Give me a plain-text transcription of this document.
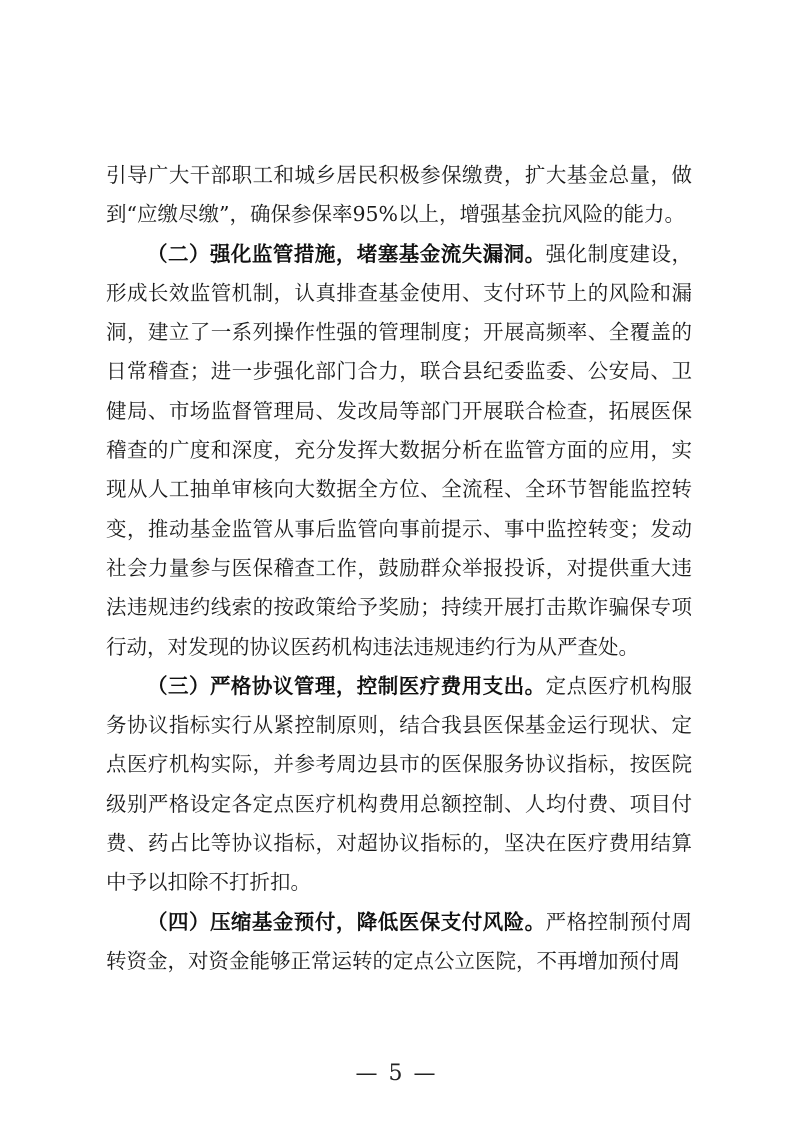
引导广大干部职工和城乡居民积极参保缴费，扩大基金总量，做到“应缴尽缴”，确保参保率95%以上，增强基金抗风险的能力。

（二）强化监管措施，堵塞基金流失漏洞。强化制度建设，形成长效监管机制，认真排查基金使用、支付环节上的风险和漏洞，建立了一系列操作性强的管理制度；开展高频率、全覆盖的日常稽查；进一步强化部门合力，联合县纪委监委、公安局、卫健局、市场监督管理局、发改局等部门开展联合检查，拓展医保稽查的广度和深度，充分发挥大数据分析在监管方面的应用，实现从人工抽单审核向大数据全方位、全流程、全环节智能监控转变，推动基金监管从事后监管向事前提示、事中监控转变；发动社会力量参与医保稽查工作，鼓励群众举报投诉，对提供重大违法违规违约线索的按政策给予奖励；持续开展打击欺诈骗保专项行动，对发现的协议医药机构违法违规违约行为从严查处。

（三）严格协议管理，控制医疗费用支出。定点医疗机构服务协议指标实行从紧控制原则，结合我县医保基金运行现状、定点医疗机构实际，并参考周边县市的医保服务协议指标，按医院级别严格设定各定点医疗机构费用总额控制、人均付费、项目付费、药占比等协议指标，对超协议指标的，坚决在医疗费用结算中予以扣除不打折扣。

（四）压缩基金预付，降低医保支付风险。严格控制预付周转资金，对资金能够正常运转的定点公立医院，不再增加预付周

— 5 —
